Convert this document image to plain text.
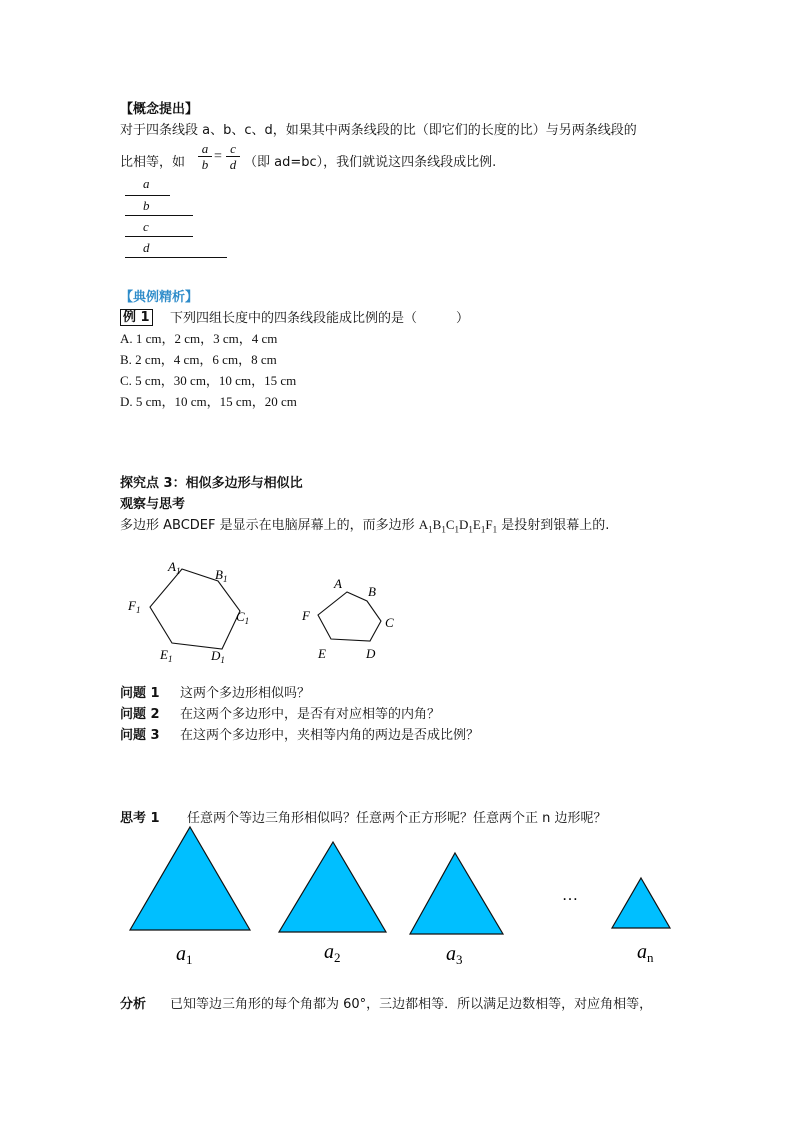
【概念提出】
对于四条线段 a、b、c、d，如果其中两条线段的比（即它们的长度的比）与另两条线段的
比相等，如 $\frac{a}{b} = \frac{c}{d}$ （即 ad=bc），我们就说这四条线段成比例.
a
b
c
d
【典例精析】
例 1 下列四组长度中的四条线段能成比例的是（　　　）
A. 1 cm，2 cm，3 cm，4 cm
B. 2 cm，4 cm，6 cm，8 cm
C. 5 cm，30 cm，10 cm，15 cm
D. 5 cm，10 cm，15 cm，20 cm
探究点 3：相似多边形与相似比
观察与思考
多边形 ABCDEF 是显示在电脑屏幕上的，而多边形 $A_1B_1C_1D_1E_1F_1$ 是投射到银幕上的.
$A_1$	$B_1$
$C_1$
$D_1$
$E_1$
$F_1$
A
B
C
D
E
F
问题 1 这两个多边形相似吗？
问题 2 在这两个多边形中，是否有对应相等的内角？
问题 3 在这两个多边形中，夹相等内角的两边是否成比例？
思考 1 任意两个等边三角形相似吗？任意两个正方形呢？任意两个正 n 边形呢？
…
$a_1$	$a_2$	$a_3$	$a_n$
分析 已知等边三角形的每个角都为 60°，三边都相等．所以满足边数相等，对应角相等，
